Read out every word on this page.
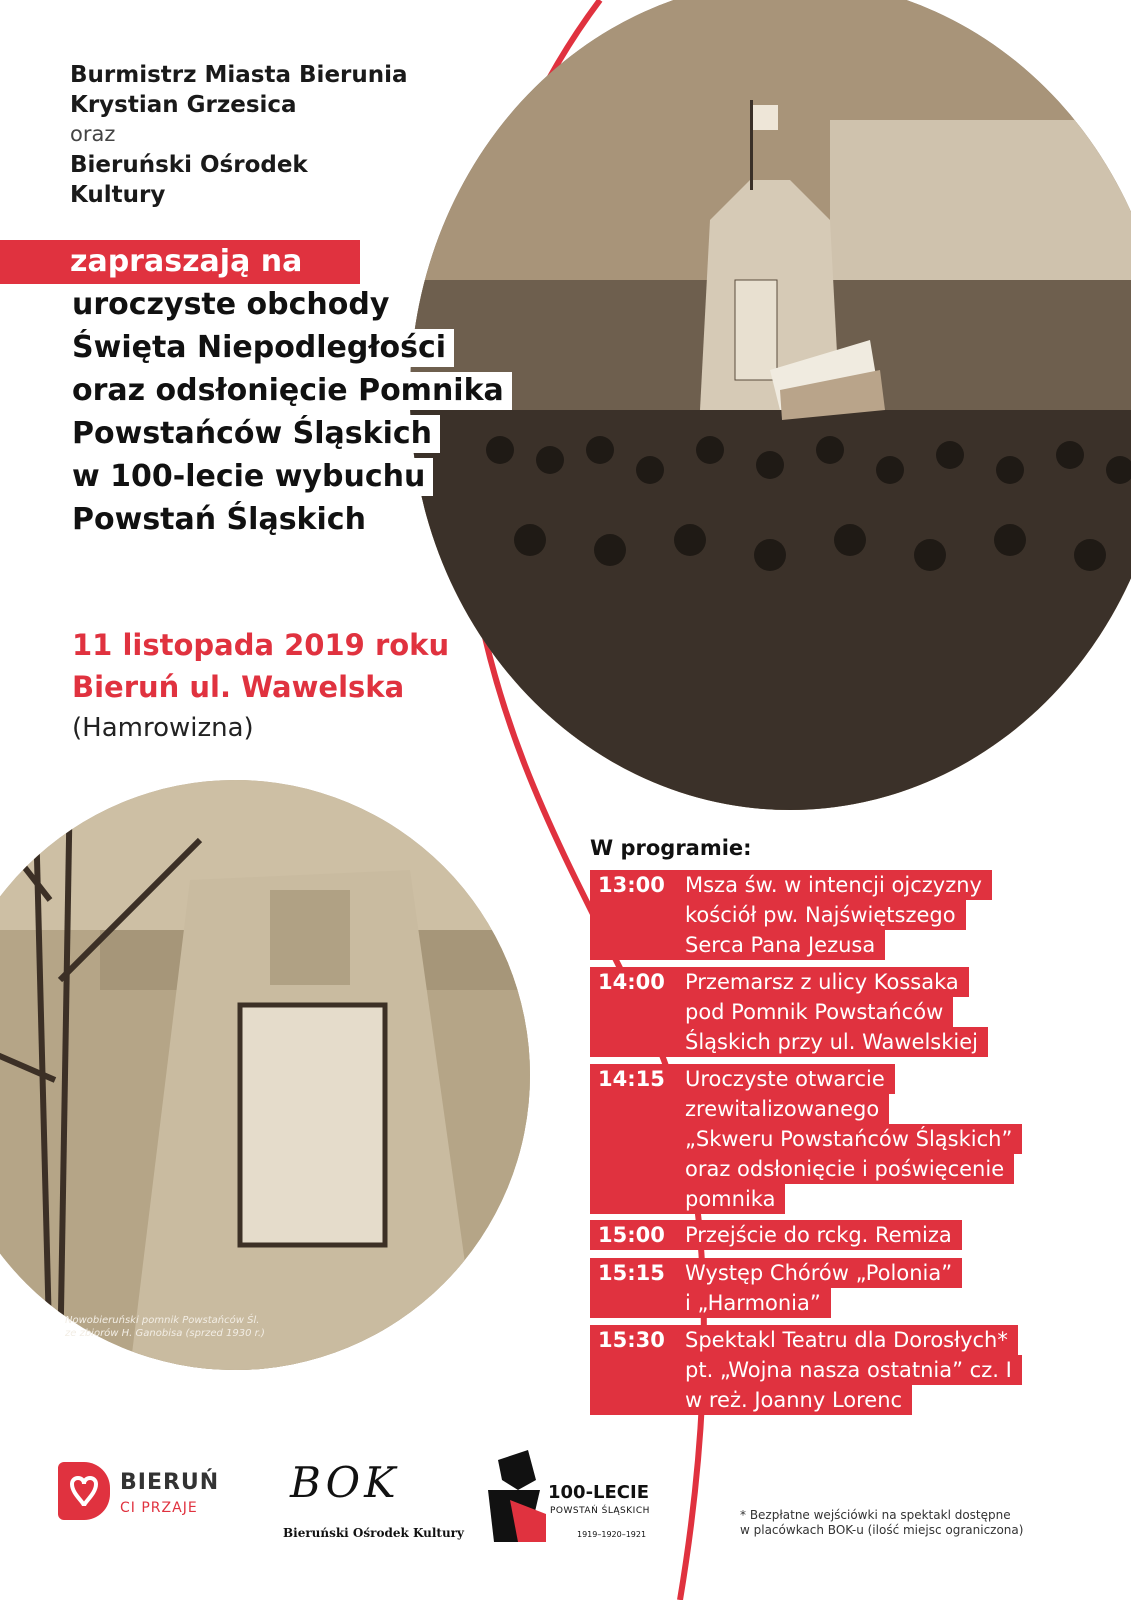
Burmistrz Miasta Bierunia
Krystian Grzesica
oraz
Bieruński Ośrodek
Kultury
zapraszają na
uroczyste obchody
Święta Niepodległości
oraz odsłonięcie Pomnika
Powstańców Śląskich
w 100-lecie wybuchu
Powstań Śląskich
11 listopada 2019 roku
Bieruń ul. Wawelska
(Hamrowizna)
Nowobieruński pomnik Powstańców Śl.
ze zbiorów H. Ganobisa (sprzed 1930 r.)
W programie:
13:00 Msza św. w intencji ojczyzny
kościół pw. Najświętszego
Serca Pana Jezusa
14:00 Przemarsz z ulicy Kossaka
pod Pomnik Powstańców
Śląskich przy ul. Wawelskiej
14:15 Uroczyste otwarcie
zrewitalizowanego
„Skweru Powstańców Śląskich”
oraz odsłonięcie i poświęcenie
pomnika
15:00 Przejście do rckg. Remiza
15:15 Występ Chórów „Polonia”
i „Harmonia”
15:30 Spektakl Teatru dla Dorosłych*
pt. „Wojna nasza ostatnia” cz. I
w reż. Joanny Lorenc
BIERUŃ
CI PRZAJE
BOK
Bieruński Ośrodek Kultury
100-LECIE
POWSTAŃ ŚLĄSKICH
1919–1920–1921
* Bezpłatne wejściówki na spektakl dostępne
w placówkach BOK-u (ilość miejsc ograniczona)
